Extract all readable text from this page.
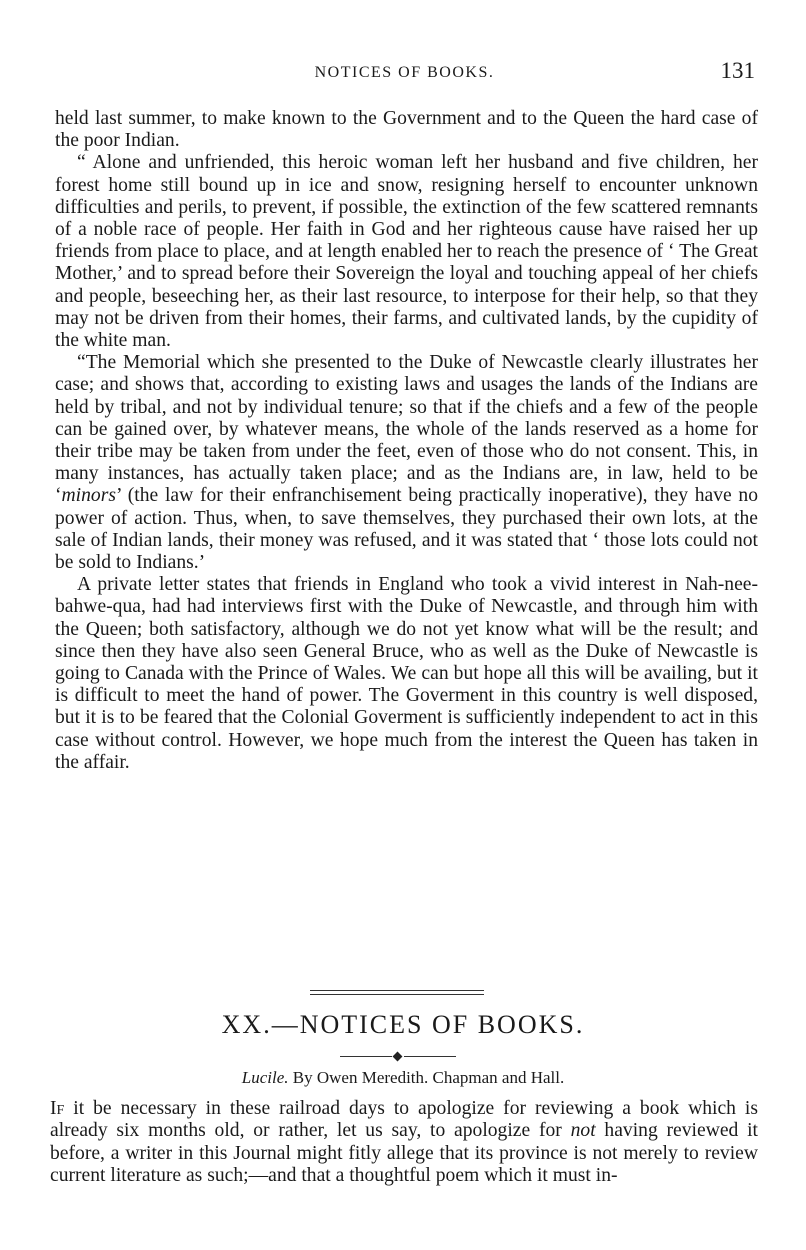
NOTICES OF BOOKS.	131

held last summer, to make known to the Government and to the Queen the hard case of the poor Indian.

“ Alone and unfriended, this heroic woman left her husband and five children, her forest home still bound up in ice and snow, resigning herself to encounter unknown difficulties and perils, to prevent, if possible, the extinction of the few scattered remnants of a noble race of people. Her faith in God and her righteous cause have raised her up friends from place to place, and at length enabled her to reach the presence of ‘ The Great Mother,’ and to spread before their Sovereign the loyal and touching appeal of her chiefs and people, beseeching her, as their last resource, to interpose for their help, so that they may not be driven from their homes, their farms, and cultivated lands, by the cupidity of the white man.

“The Memorial which she presented to the Duke of Newcastle clearly illustrates her case; and shows that, according to existing laws and usages the lands of the Indians are held by tribal, and not by individual tenure; so that if the chiefs and a few of the people can be gained over, by whatever means, the whole of the lands reserved as a home for their tribe may be taken from under the feet, even of those who do not consent. This, in many instances, has actually taken place; and as the Indians are, in law, held to be ‘minors’ (the law for their enfranchisement being practically inoperative), they have no power of action. Thus, when, to save themselves, they purchased their own lots, at the sale of Indian lands, their money was refused, and it was stated that ‘ those lots could not be sold to Indians.’

A private letter states that friends in England who took a vivid interest in Nah-nee-bahwe-qua, had had interviews first with the Duke of Newcastle, and through him with the Queen; both satisfactory, although we do not yet know what will be the result; and since then they have also seen General Bruce, who as well as the Duke of Newcastle is going to Canada with the Prince of Wales. We can but hope all this will be availing, but it is difficult to meet the hand of power. The Goverment in this country is well disposed, but it is to be feared that the Colonial Goverment is sufficiently independent to act in this case without control. However, we hope much from the interest the Queen has taken in the affair.

XX.—NOTICES OF BOOKS.
Lucile. By Owen Meredith. Chapman and Hall.
If it be necessary in these railroad days to apologize for reviewing a book which is already six months old, or rather, let us say, to apologize for not having reviewed it before, a writer in this Journal might fitly allege that its province is not merely to review current literature as such;—and that a thoughtful poem which it must in-
